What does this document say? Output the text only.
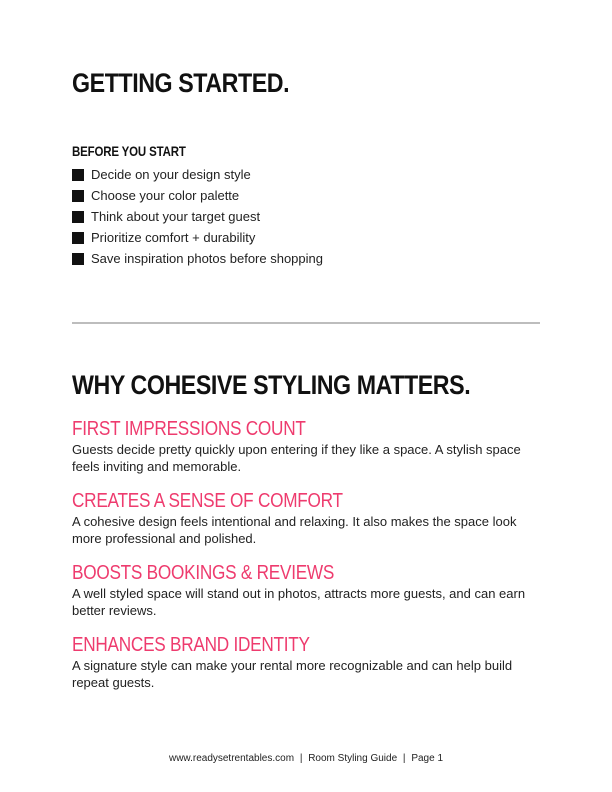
GETTING STARTED.
BEFORE YOU START
Decide on your design style
Choose your color palette
Think about your target guest
Prioritize comfort + durability
Save inspiration photos before shopping
WHY COHESIVE STYLING MATTERS.
FIRST IMPRESSIONS COUNT

Guests decide pretty quickly upon entering if they like a space. A stylish space feels inviting and memorable.

CREATES A SENSE OF COMFORT

A cohesive design feels intentional and relaxing. It also makes the space look more professional and polished.

BOOSTS BOOKINGS & REVIEWS

A well styled space will stand out in photos, attracts more guests, and can earn better reviews.

ENHANCES BRAND IDENTITY

A signature style can make your rental more recognizable and can help build repeat guests.

www.readysetrentables.com | Room Styling Guide | Page 1
